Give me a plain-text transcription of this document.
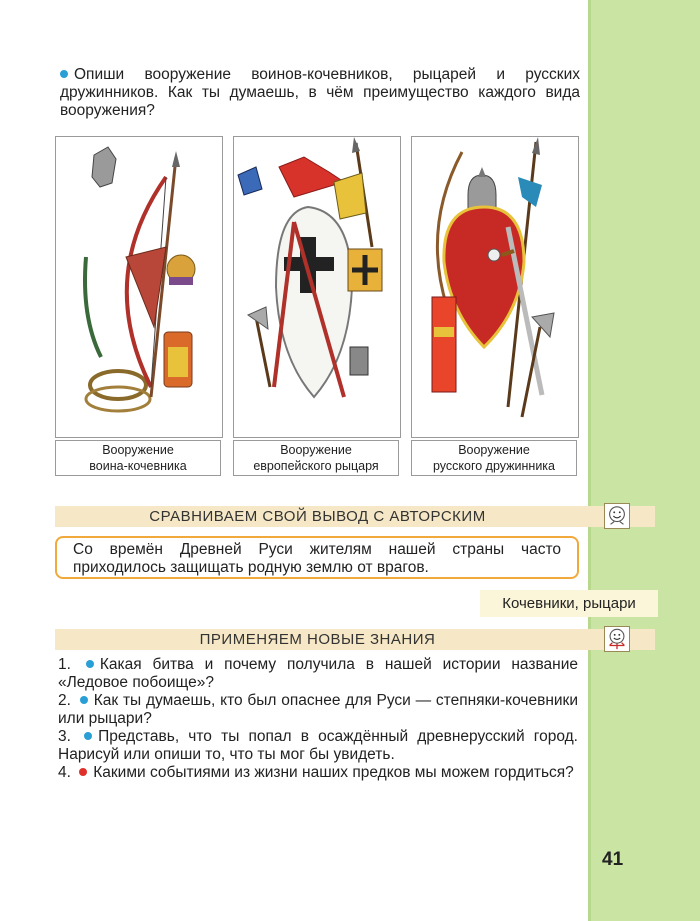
Опиши вооружение воинов-кочевников, рыцарей и русских дружинников. Как ты думаешь, в чём преимущество каждого вида вооружения?
Вооружение
воина-кочевника
Вооружение
европейского рыцаря
Вооружение
русского дружинника
СРАВНИВАЕМ СВОЙ ВЫВОД С АВТОРСКИМ
Со времён Древней Руси жителям нашей страны часто приходилось защищать родную землю от врагов.
Кочевники, рыцари
ПРИМЕНЯЕМ НОВЫЕ ЗНАНИЯ
1. Какая битва и почему получила в нашей истории название «Ледовое побоище»?
2. Как ты думаешь, кто был опаснее для Руси — степняки-кочевники или рыцари?
3. Представь, что ты попал в осаждённый древнерусский город. Нарисуй или опиши то, что ты мог бы увидеть.
4. Какими событиями из жизни наших предков мы можем гордиться?
41
